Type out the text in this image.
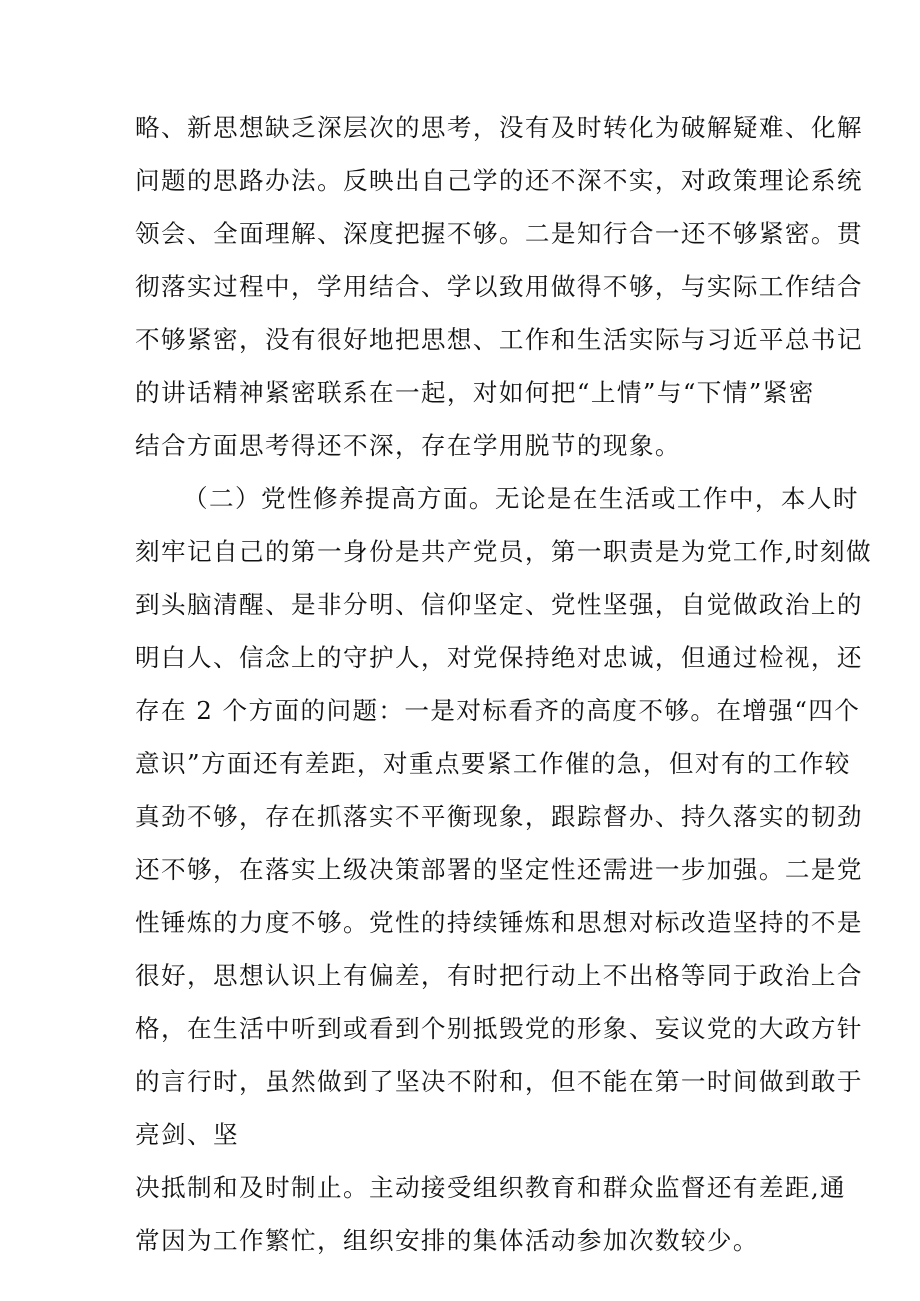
略、新思想缺乏深层次的思考，没有及时转化为破解疑难、化解

问题的思路办法。反映出自己学的还不深不实，对政策理论系统

领会、全面理解、深度把握不够。二是知行合一还不够紧密。贯

彻落实过程中，学用结合、学以致用做得不够，与实际工作结合

不够紧密，没有很好地把思想、工作和生活实际与习近平总书记

的讲话精神紧密联系在一起，对如何把“上情”与“下情”紧密

结合方面思考得还不深，存在学用脱节的现象。

（二）党性修养提高方面。无论是在生活或工作中，本人时

刻牢记自己的第一身份是共产党员，第一职责是为党工作,时刻做

到头脑清醒、是非分明、信仰坚定、党性坚强，自觉做政治上的

明白人、信念上的守护人，对党保持绝对忠诚，但通过检视，还

存在 2 个方面的问题：一是对标看齐的高度不够。在增强“四个

意识”方面还有差距，对重点要紧工作催的急，但对有的工作较

真劲不够，存在抓落实不平衡现象，跟踪督办、持久落实的韧劲

还不够，在落实上级决策部署的坚定性还需进一步加强。二是党

性锤炼的力度不够。党性的持续锤炼和思想对标改造坚持的不是

很好，思想认识上有偏差，有时把行动上不出格等同于政治上合

格，在生活中听到或看到个别抵毁党的形象、妄议党的大政方针

的言行时，虽然做到了坚决不附和，但不能在第一时间做到敢于

亮剑、坚

决抵制和及时制止。主动接受组织教育和群众监督还有差距,通

常因为工作繁忙，组织安排的集体活动参加次数较少。
